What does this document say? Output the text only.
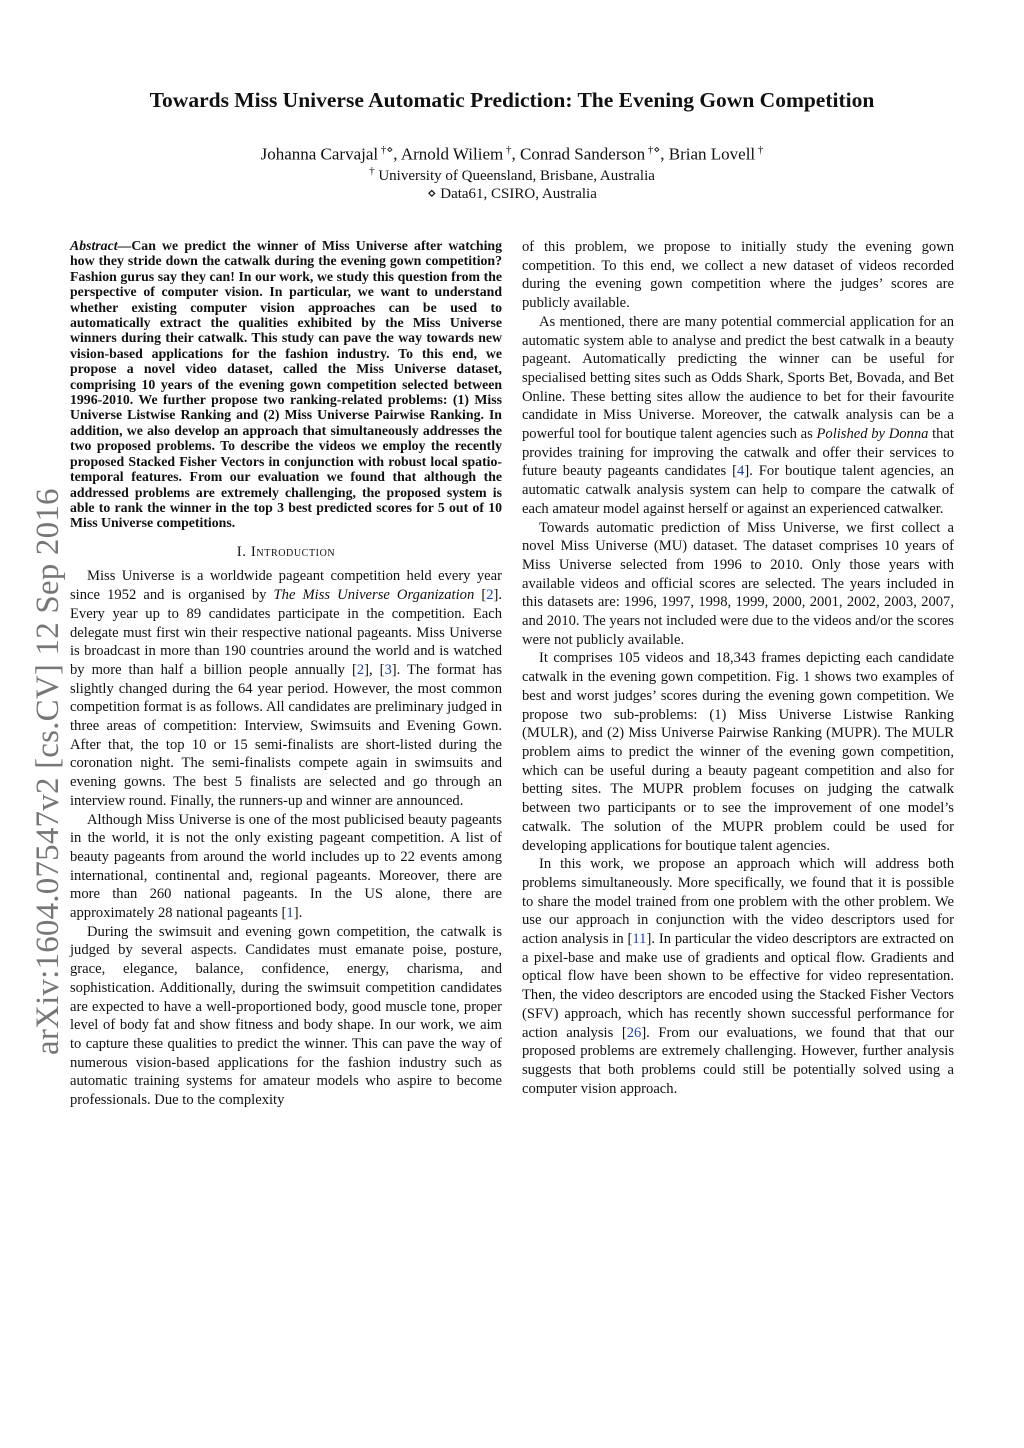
Towards Miss Universe Automatic Prediction: The Evening Gown Competition
Johanna Carvajal †⋄, Arnold Wiliem †, Conrad Sanderson †⋄, Brian Lovell †
† University of Queensland, Brisbane, Australia
⋄ Data61, CSIRO, Australia
arXiv:1604.07547v2 [cs.CV] 12 Sep 2016

Abstract—Can we predict the winner of Miss Universe after watching how they stride down the catwalk during the evening gown competition? Fashion gurus say they can! In our work, we study this question from the perspective of computer vision. In particular, we want to understand whether existing computer vision approaches can be used to automatically extract the qualities exhibited by the Miss Universe winners during their catwalk. This study can pave the way towards new vision-based applications for the fashion industry. To this end, we propose a novel video dataset, called the Miss Universe dataset, comprising 10 years of the evening gown competition selected between 1996-2010. We further propose two ranking-related problems: (1) Miss Universe Listwise Ranking and (2) Miss Universe Pairwise Ranking. In addition, we also develop an approach that simultaneously addresses the two proposed problems. To describe the videos we employ the recently proposed Stacked Fisher Vectors in conjunction with robust local spatio-temporal features. From our evaluation we found that although the addressed problems are extremely challenging, the proposed system is able to rank the winner in the top 3 best predicted scores for 5 out of 10 Miss Universe competitions.

I. Introduction

Miss Universe is a worldwide pageant competition held every year since 1952 and is organised by The Miss Universe Organization [2]. Every year up to 89 candidates participate in the competition. Each delegate must first win their respective national pageants. Miss Universe is broadcast in more than 190 countries around the world and is watched by more than half a billion people annually [2], [3]. The format has slightly changed during the 64 year period. However, the most common competition format is as follows. All candidates are preliminary judged in three areas of competition: Interview, Swimsuits and Evening Gown. After that, the top 10 or 15 semi-finalists are short-listed during the coronation night. The semi-finalists compete again in swimsuits and evening gowns. The best 5 finalists are selected and go through an interview round. Finally, the runners-up and winner are announced.

Although Miss Universe is one of the most publicised beauty pageants in the world, it is not the only existing pageant competition. A list of beauty pageants from around the world includes up to 22 events among international, continental and, regional pageants. Moreover, there are more than 260 national pageants. In the US alone, there are approximately 28 national pageants [1].

During the swimsuit and evening gown competition, the catwalk is judged by several aspects. Candidates must emanate poise, posture, grace, elegance, balance, confidence, energy, charisma, and sophistication. Additionally, during the swimsuit competition candidates are expected to have a well-proportioned body, good muscle tone, proper level of body fat and show fitness and body shape. In our work, we aim to capture these qualities to predict the winner. This can pave the way of numerous vision-based applications for the fashion industry such as automatic training systems for amateur models who aspire to become professionals. Due to the complexity

of this problem, we propose to initially study the evening gown competition. To this end, we collect a new dataset of videos recorded during the evening gown competition where the judges’ scores are publicly available.

As mentioned, there are many potential commercial application for an automatic system able to analyse and predict the best catwalk in a beauty pageant. Automatically predicting the winner can be useful for specialised betting sites such as Odds Shark, Sports Bet, Bovada, and Bet Online. These betting sites allow the audience to bet for their favourite candidate in Miss Universe. Moreover, the catwalk analysis can be a powerful tool for boutique talent agencies such as Polished by Donna that provides training for improving the catwalk and offer their services to future beauty pageants candidates [4]. For boutique talent agencies, an automatic catwalk analysis system can help to compare the catwalk of each amateur model against herself or against an experienced catwalker.

Towards automatic prediction of Miss Universe, we first collect a novel Miss Universe (MU) dataset. The dataset comprises 10 years of Miss Universe selected from 1996 to 2010. Only those years with available videos and official scores are selected. The years included in this datasets are: 1996, 1997, 1998, 1999, 2000, 2001, 2002, 2003, 2007, and 2010. The years not included were due to the videos and/or the scores were not publicly available.

It comprises 105 videos and 18,343 frames depicting each candidate catwalk in the evening gown competition. Fig. 1 shows two examples of best and worst judges’ scores during the evening gown competition. We propose two sub-problems: (1) Miss Universe Listwise Ranking (MULR), and (2) Miss Universe Pairwise Ranking (MUPR). The MULR problem aims to predict the winner of the evening gown competition, which can be useful during a beauty pageant competition and also for betting sites. The MUPR problem focuses on judging the catwalk between two participants or to see the improvement of one model’s catwalk. The solution of the MUPR problem could be used for developing applications for boutique talent agencies.

In this work, we propose an approach which will address both problems simultaneously. More specifically, we found that it is possible to share the model trained from one problem with the other problem. We use our approach in conjunction with the video descriptors used for action analysis in [11]. In particular the video descriptors are extracted on a pixel-base and make use of gradients and optical flow. Gradients and optical flow have been shown to be effective for video representation. Then, the video descriptors are encoded using the Stacked Fisher Vectors (SFV) approach, which has recently shown successful performance for action analysis [26]. From our evaluations, we found that that our proposed problems are extremely challenging. However, further analysis suggests that both problems could still be potentially solved using a computer vision approach.
